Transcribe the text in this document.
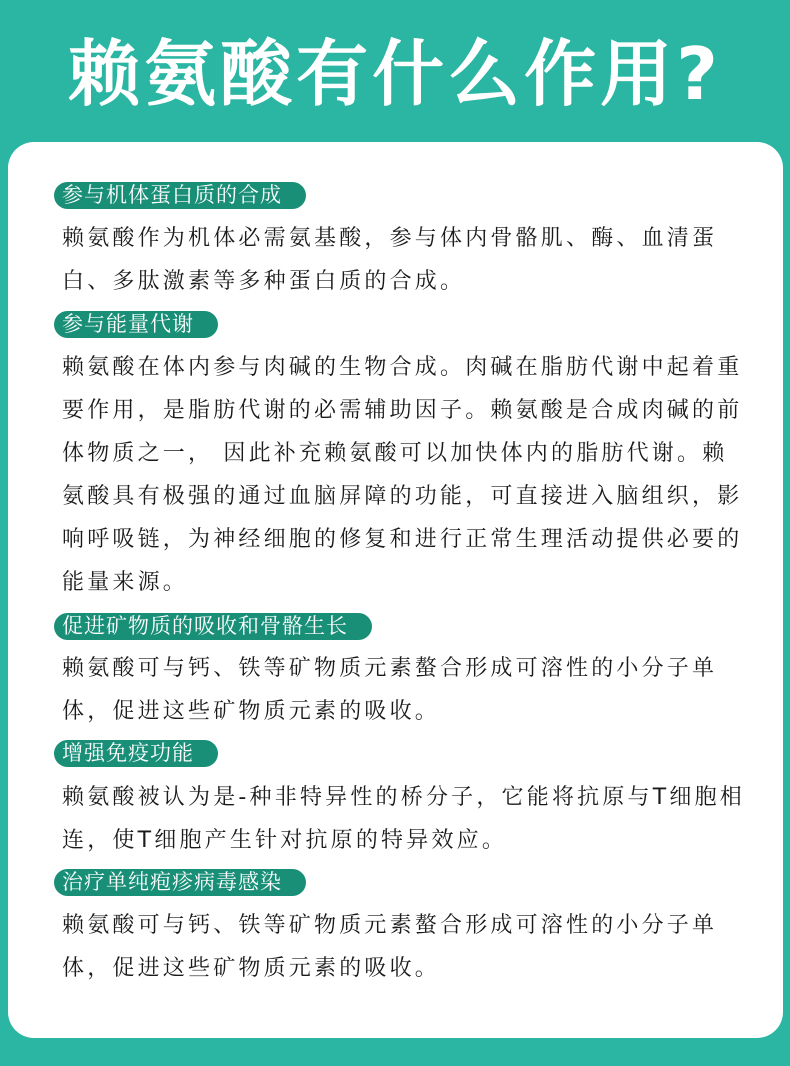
赖氨酸有什么作用?
参与机体蛋白质的合成

赖氨酸作为机体必需氨基酸，参与体内骨骼肌、酶、血清蛋白、多肽激素等多种蛋白质的合成。

参与能量代谢

赖氨酸在体内参与肉碱的生物合成。肉碱在脂肪代谢中起着重要作用，是脂肪代谢的必需辅助因子。赖氨酸是合成肉碱的前体物质之一， 因此补充赖氨酸可以加快体内的脂肪代谢。赖氨酸具有极强的通过血脑屏障的功能，可直接进入脑组织，影响呼吸链，为神经细胞的修复和进行正常生理活动提供必要的能量来源。

促进矿物质的吸收和骨骼生长

赖氨酸可与钙、铁等矿物质元素螯合形成可溶性的小分子单体，促进这些矿物质元素的吸收。

增强免疫功能

赖氨酸被认为是-种非特异性的桥分子，它能将抗原与T细胞相连，使T细胞产生针对抗原的特异效应。

治疗单纯疱疹病毒感染

赖氨酸可与钙、铁等矿物质元素螯合形成可溶性的小分子单体，促进这些矿物质元素的吸收。
